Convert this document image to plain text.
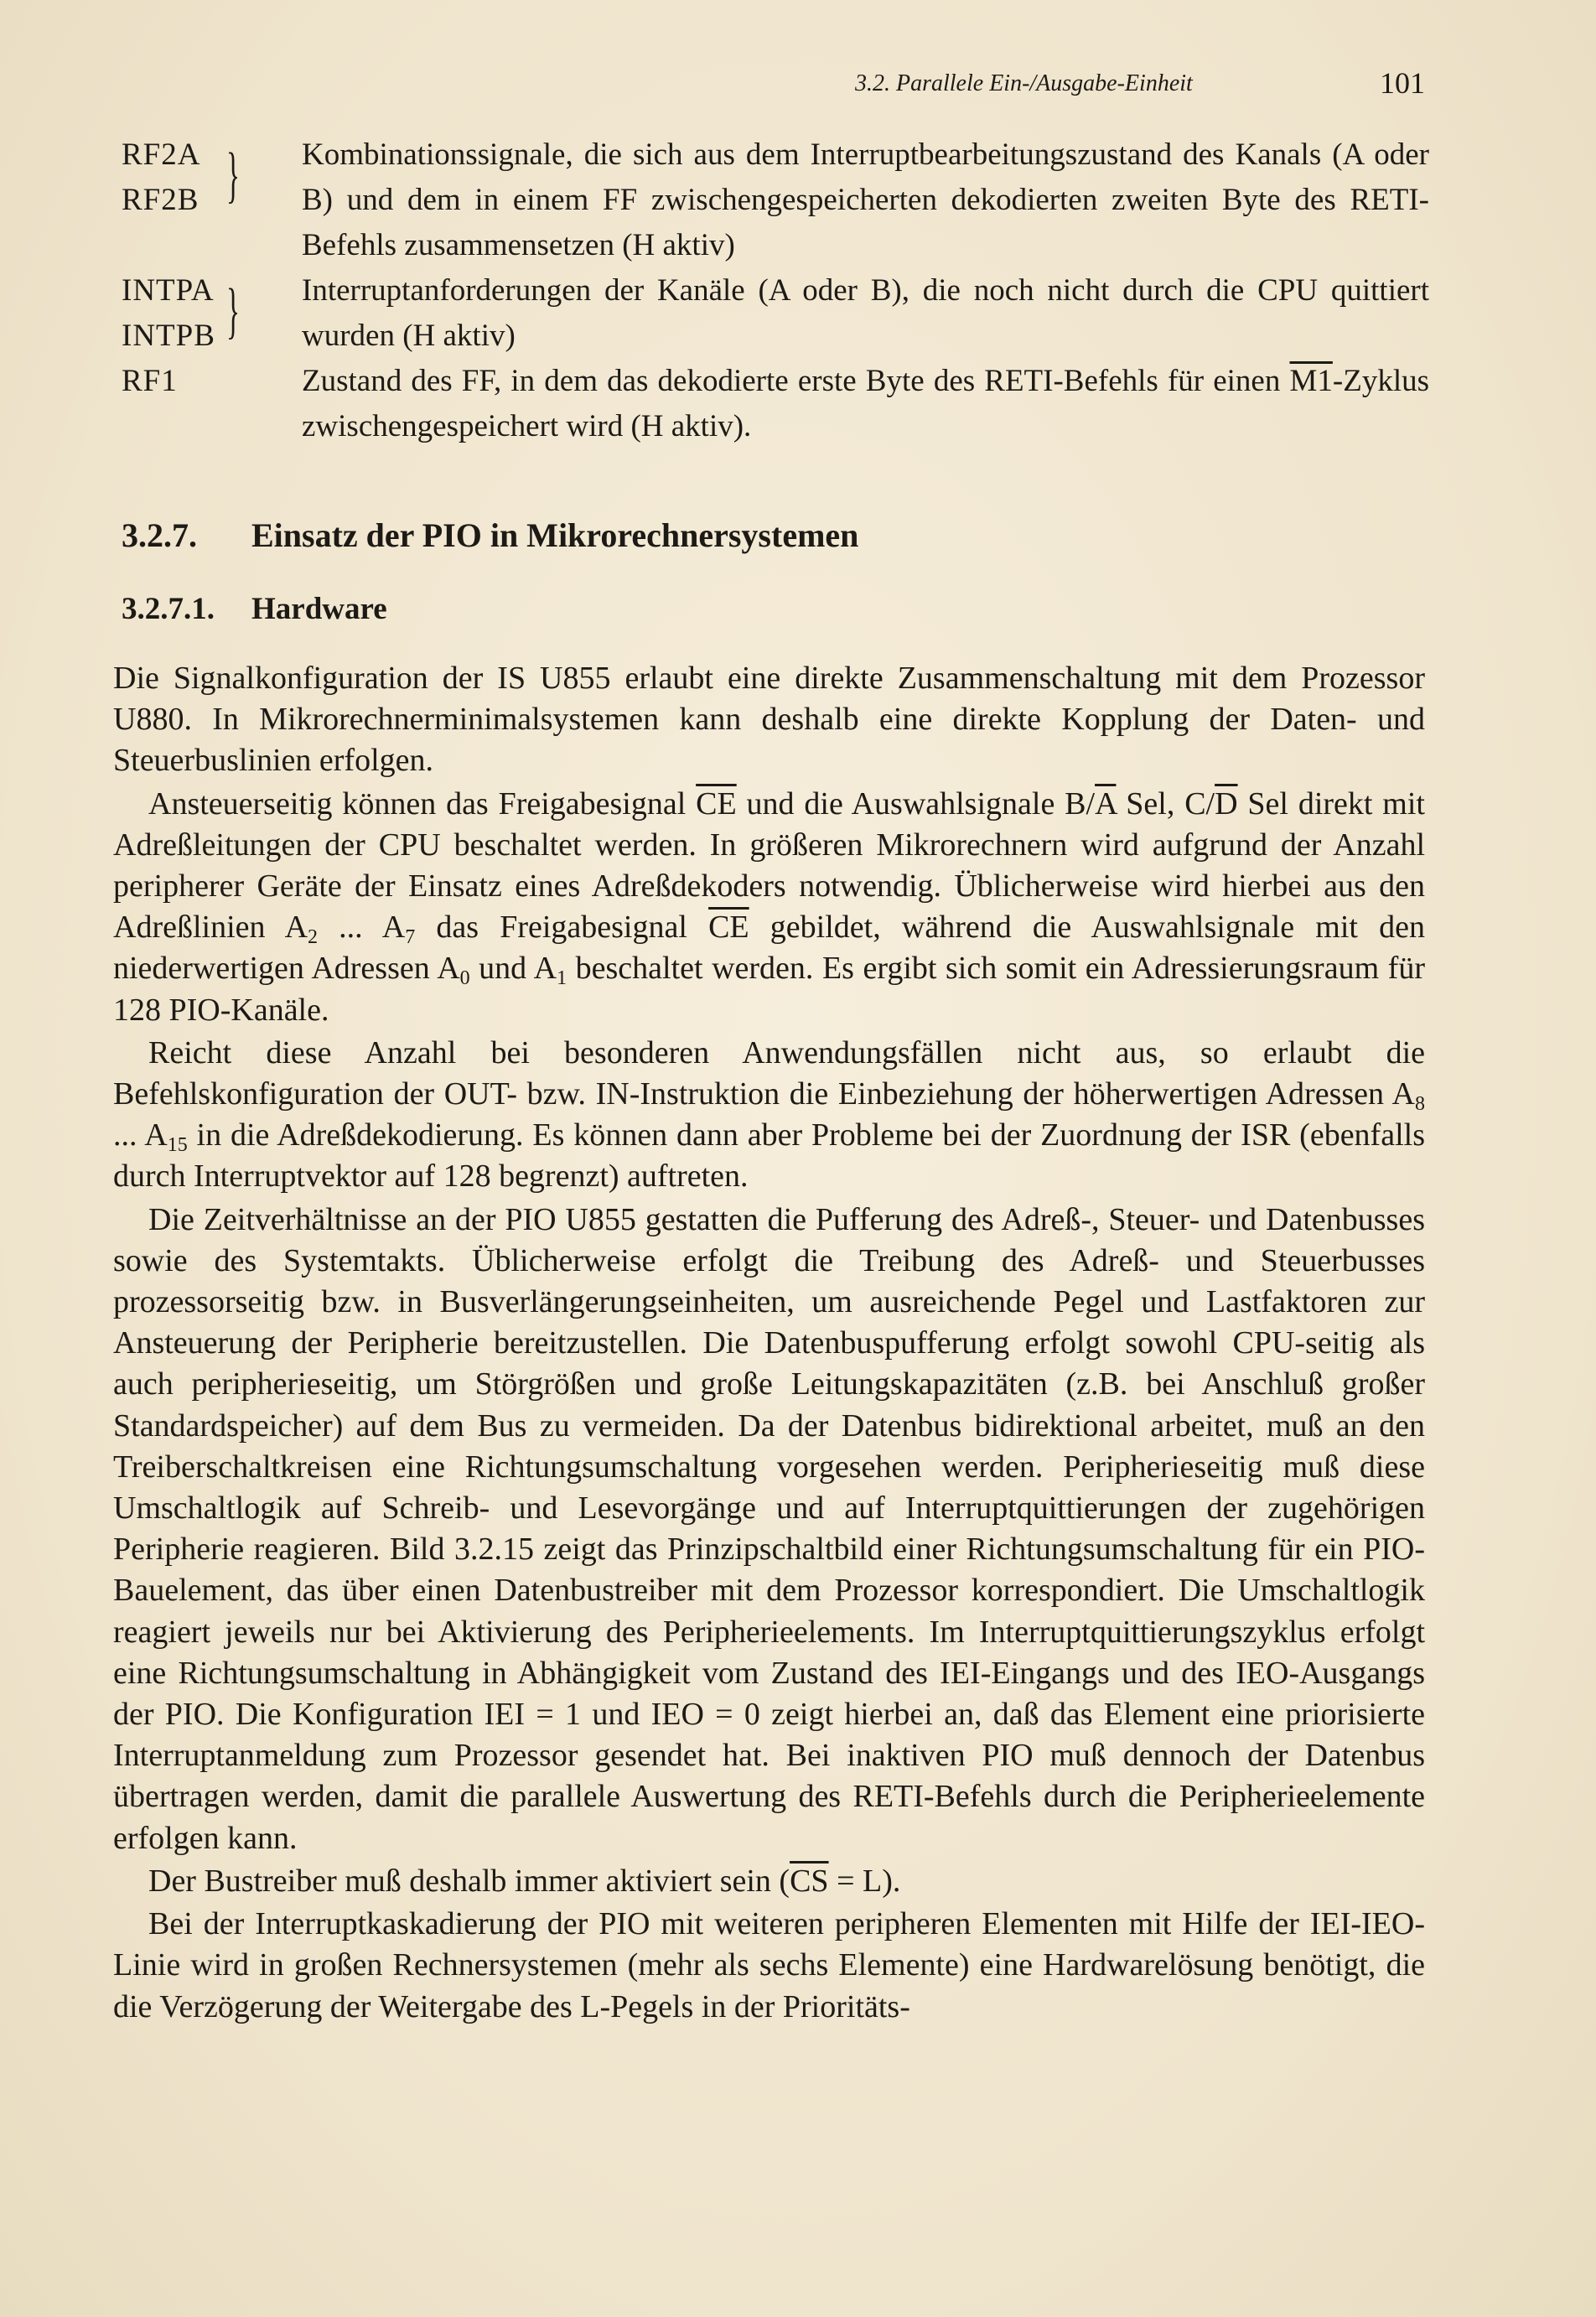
3.2. Parallele Ein-/Ausgabe-Einheit	101
RF2A
RF2B } Kombinationssignale, die sich aus dem Interruptbearbeitungszustand des Kanals (A oder B) und dem in einem FF zwischengespeicherten dekodierten zweiten Byte des RETI-Befehls zusammensetzen (H aktiv)
INTPA
INTPB } Interruptanforderungen der Kanäle (A oder B), die noch nicht durch die CPU quittiert wurden (H aktiv)
RF1	Zustand des FF, in dem das dekodierte erste Byte des RETI-Befehls für einen M1-Zyklus zwischengespeichert wird (H aktiv).
3.2.7. Einsatz der PIO in Mikrorechnersystemen
3.2.7.1. Hardware

Die Signalkonfiguration der IS U855 erlaubt eine direkte Zusammenschaltung mit dem Prozessor U880. In Mikrorechnerminimalsystemen kann deshalb eine direkte Kopplung der Daten- und Steuerbuslinien erfolgen.

Ansteuerseitig können das Freigabesignal $\overline{CE}$ und die Auswahlsignale $B/\overline{A}$ Sel, $C/\overline{D}$ Sel direkt mit Adreßleitungen der CPU beschaltet werden. In größeren Mikrorechnern wird aufgrund der Anzahl peripherer Geräte der Einsatz eines Adreßdekoders notwendig. Üblicherweise wird hierbei aus den Adreßlinien $A_2$ ... $A_7$ das Freigabesignal $\overline{CE}$ gebildet, während die Auswahlsignale mit den niederwertigen Adressen $A_0$ und $A_1$ beschaltet werden. Es ergibt sich somit ein Adressierungsraum für 128 PIO-Kanäle.

Reicht diese Anzahl bei besonderen Anwendungsfällen nicht aus, so erlaubt die Befehlskonfiguration der OUT- bzw. IN-Instruktion die Einbeziehung der höherwertigen Adressen $A_8$ ... $A_{15}$ in die Adreßdekodierung. Es können dann aber Probleme bei der Zuordnung der ISR (ebenfalls durch Interruptvektor auf 128 begrenzt) auftreten.

Die Zeitverhältnisse an der PIO U855 gestatten die Pufferung des Adreß-, Steuer- und Datenbusses sowie des Systemtakts. Üblicherweise erfolgt die Treibung des Adreß- und Steuerbusses prozessorseitig bzw. in Busverlängerungseinheiten, um ausreichende Pegel und Lastfaktoren zur Ansteuerung der Peripherie bereitzustellen. Die Datenbuspufferung erfolgt sowohl CPU-seitig als auch peripherieseitig, um Störgrößen und große Leitungskapazitäten (z.B. bei Anschluß großer Standardspeicher) auf dem Bus zu vermeiden. Da der Datenbus bidirektional arbeitet, muß an den Treiberschaltkreisen eine Richtungsumschaltung vorgesehen werden. Peripherieseitig muß diese Umschaltlogik auf Schreib- und Lesevorgänge und auf Interruptquittierungen der zugehörigen Peripherie reagieren. Bild 3.2.15 zeigt das Prinzipschaltbild einer Richtungsumschaltung für ein PIO-Bauelement, das über einen Datenbustreiber mit dem Prozessor korrespondiert. Die Umschaltlogik reagiert jeweils nur bei Aktivierung des Peripherieelements. Im Interruptquittierungszyklus erfolgt eine Richtungsumschaltung in Abhängigkeit vom Zustand des IEI-Eingangs und des IEO-Ausgangs der PIO. Die Konfiguration IEI = 1 und IEO = 0 zeigt hierbei an, daß das Element eine priorisierte Interruptanmeldung zum Prozessor gesendet hat. Bei inaktiven PIO muß dennoch der Datenbus übertragen werden, damit die parallele Auswertung des RETI-Befehls durch die Peripherieelemente erfolgen kann.

Der Bustreiber muß deshalb immer aktiviert sein $(\overline{CS} = L)$.

Bei der Interruptkaskadierung der PIO mit weiteren peripheren Elementen mit Hilfe der IEI-IEO-Linie wird in großen Rechnersystemen (mehr als sechs Elemente) eine Hardwarelösung benötigt, die die Verzögerung der Weitergabe des L-Pegels in der Prioritäts-
